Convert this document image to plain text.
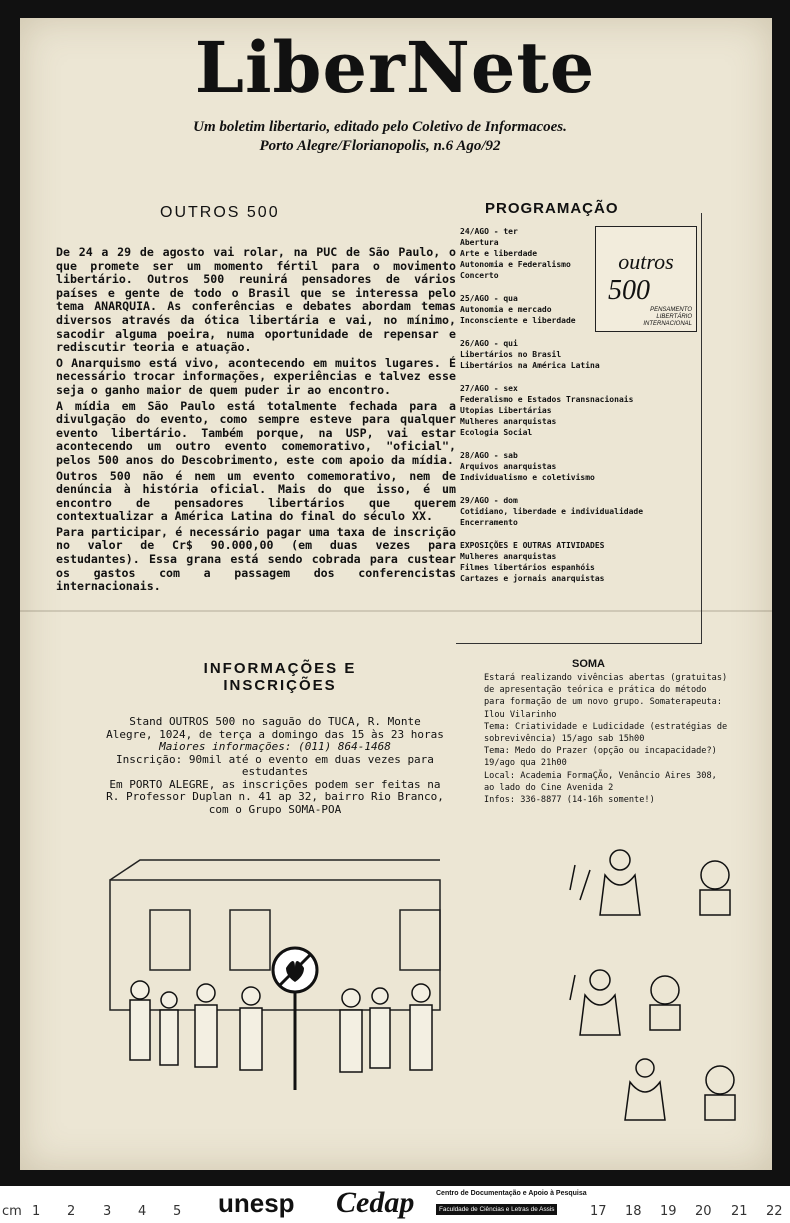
LiberNete
Um boletim libertario, editado pelo Coletivo de Informacoes.
Porto Alegre/Florianopolis, n.6 Ago/92
OUTROS 500	PROGRAMAÇÃO

De 24 a 29 de agosto vai rolar, na PUC de São Paulo, o que promete ser um momento fértil para o movimento libertário. Outros 500 reunirá pensadores de vários países e gente de todo o Brasil que se interessa pelo tema ANARQUIA. As conferências e debates abordam temas diversos através da ótica libertária e vai, no mínimo, sacodir alguma poeira, numa oportunidade de repensar e rediscutir teoria e atuação.

O Anarquismo está vivo, acontecendo em muitos lugares. É necessário trocar informações, experiências e talvez esse seja o ganho maior de quem puder ir ao encontro.

A mídia em São Paulo está totalmente fechada para a divulgação do evento, como sempre esteve para qualquer evento libertário. Também porque, na USP, vai estar acontecendo um outro evento comemorativo, "oficial", pelos 500 anos do Descobrimento, este com apoio da mídia.

Outros 500 não é nem um evento comemorativo, nem de denúncia à história oficial. Mais do que isso, é um encontro de pensadores libertários que querem contextualizar a América Latina do final do século XX.

Para participar, é necessário pagar uma taxa de inscrição no valor de Cr$ 90.000,00 (em duas vezes para estudantes). Essa grana está sendo cobrada para custear os gastos com a passagem dos conferencistas internacionais.

24/AGO - ter
Abertura
Arte e liberdade
Autonomia e Federalismo
Concerto
25/AGO - qua
Autonomia e mercado
Inconsciente e liberdade
26/AGO - qui
Libertários no Brasil
Libertários na América Latina
27/AGO - sex
Federalismo e Estados Transnacionais
Utopias Libertárias
Mulheres anarquistas
Ecologia Social
28/AGO - sab
Arquivos anarquistas
Individualismo e coletivismo
29/AGO - dom
Cotidiano, liberdade e individualidade
Encerramento
EXPOSIÇÕES E OUTRAS ATIVIDADES
Mulheres anarquistas
Filmes libertários espanhóis
Cartazes e jornais anarquistas
outros
500
PENSAMENTO LIBERTÁRIO INTERNACIONAL
INFORMAÇÕES E
INSCRIÇÕES

Stand OUTROS 500 no saguão do TUCA, R. Monte

Alegre, 1024, de terça a domingo das 15 às 23 horas

Maiores informações: (011) 864-1468

Inscrição: 90mil até o evento em duas vezes para

estudantes

Em PORTO ALEGRE, as inscrições podem ser feitas na

R. Professor Duplan n. 41 ap 32, bairro Rio Branco,

com o Grupo SOMA-POA

SOMA

Estará realizando vivências abertas (gratuitas)

de apresentação teórica e prática do método

para formação de um novo grupo. Somaterapeuta:

Ilou Vilarinho

Tema: Criatividade e Ludicidade (estratégias de

sobrevivência) 15/ago sab 15h00

Tema: Medo do Prazer (opção ou incapacidade?)

19/ago qua 21h00

Local: Academia FormaÇÃo, Venâncio Aires 308,

ao lado do Cine Avenida 2

Infos: 336-8877 (14-16h somente!)

cm 1 2 3 4 5	17 18 19 20 21 22
unesp Cedap	Centro de Documentação e Apoio à Pesquisa
Faculdade de Ciências e Letras de Assis
